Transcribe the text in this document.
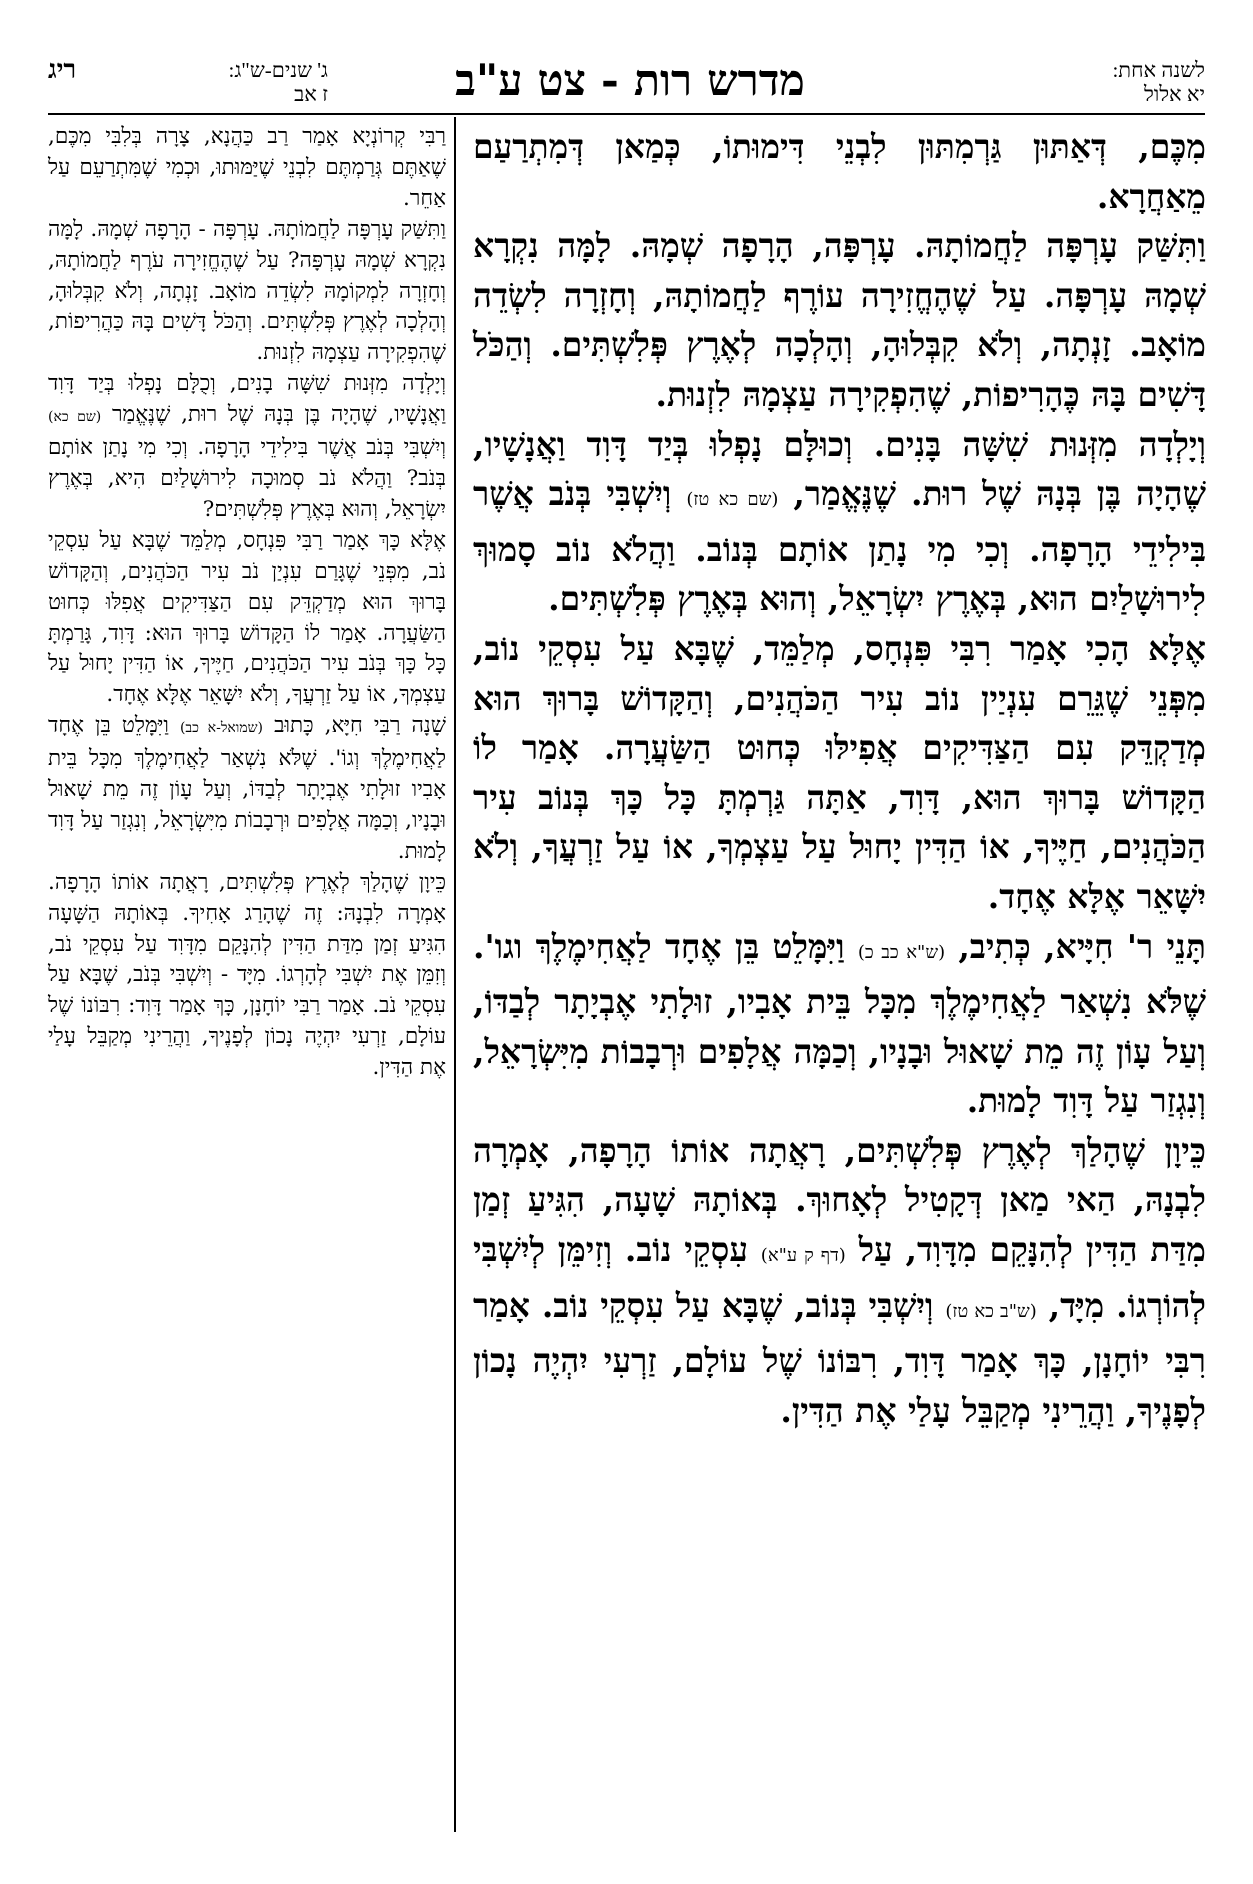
לשנה אחת:
יא אלול
מדרש רות - צט ע"ב
ג' שנים-ש"ג:
ריג
ז אב

מִכֶּם, דְּאַתּוּן גַּרְמִתּוּן לִבְנֵי דִּימוּתוֹ, כְּמַאן דְּמִתְרַעַם מֵאַחֲרָא.

וַתִּשַּׁק עָרְפָּה לַחֲמוֹתָהּ. עָרְפָּה, הָרָפָה שְׁמָהּ. לָמָּה נִקְרָא שְׁמָהּ עָרְפָּה. עַל שֶׁהֶחֱזִירָה עוֹרֶף לַחֲמוֹתָהּ, וְחָזְרָה לִשְׂדֵה מוֹאָב. זָנְתָה, וְלֹא קִבְּלוּהָ, וְהָלְכָה לְאֶרֶץ פְּלִשְׁתִּים. וְהַכֹּל דָּשִׁים בָּהּ כֶּהָרִיפוֹת, שֶׁהִפְקִירָה עַצְמָהּ לִזְנוּת.

וְיָלְדָה מִזְּנוּת שִׁשָּׁה בָּנִים. וְכוּלָּם נָפְלוּ בְּיַד דָּוִד וַאֲנָשָׁיו, שֶׁהָיָה בֶּן בְּנָהּ שֶׁל רוּת. שֶׁנֶּאֱמַר, (שם כא טז) וְיִשְׁבִּי בְּנֹב אֲשֶׁר בִּילִידֵי הָרָפָה. וְכִי מִי נָתַן אוֹתָם בְּנוֹב. וַהֲלֹא נוֹב סָמוּךְ לִירוּשָׁלַיִם הוּא, בְּאֶרֶץ יִשְׂרָאֵל, וְהוּא בְּאֶרֶץ פְּלִשְׁתִּים.

אֶלָּא הָכִי אָמַר רִבִּי פִּנְחָס, מְלַמֵּד, שֶׁבָּא עַל עִסְקֵי נוֹב, מִפְּנֵי שֶׁגֵּרֵם עִנְיַין נוֹב עִיר הַכֹּהֲנִים, וְהַקָּדוֹשׁ בָּרוּךְ הוּא מְדַקְדֵּק עִם הַצַּדִּיקִים אֲפִילּוּ כְּחוּט הַשַּׂעֲרָה. אָמַר לוֹ הַקָּדוֹשׁ בָּרוּךְ הוּא, דָּוִד, אַתָּה גַּרְמְתָּ כָּל כָּךְ בְּנוֹב עִיר הַכֹּהֲנִים, חַיֶּיךָ, אוֹ הַדִּין יָחוּל עַל עַצְמְךָ, אוֹ עַל זַרְעֲךָ, וְלֹא יִשָּׁאֵר אֶלָּא אֶחָד.

תָּנֵי ר' חִיָּיא, כְּתִיב, (ש"א כב כ) וַיִּמָּלֵט בֵּן אֶחָד לַאֲחִימֶלֶךְ וגו'. שֶׁלֹּא נִשְׁאַר לַאֲחִימֶלֶךְ מִכָּל בֵּית אָבִיו, זוּלָתִי אֶבְיָתָר לְבַדּוֹ, וְעַל עָוֹן זֶה מֵת שָׁאוּל וּבָנָיו, וְכַמָּה אֲלָפִים וּרְבָבוֹת מִיִּשְׂרָאֵל, וְנִגְזַר עַל דָּוִד לָמוּת.

כֵּיוָן שֶׁהָלַךְ לְאֶרֶץ פְּלִשְׁתִּים, רָאֲתָה אוֹתוֹ הָרָפָה, אָמְרָה לִבְנָהּ, הַאי מַאן דְּקָטִיל לְאָחוּךְ. בְּאוֹתָהּ שָׁעָה, הִגִּיעַ זְמַן מִדַּת הַדִּין לְהִנָּקֵם מִדָּוִד, עַל (דף ק ע"א) עִסְקֵי נוֹב. וְזִימֵּן לְיִשְׁבִּי לְהוֹרְגוֹ. מִיָּד, (ש"ב כא טז) וְיִשְׁבִּי בְּנוֹב, שֶׁבָּא עַל עִסְקֵי נוֹב. אָמַר רִבִּי יוֹחָנָן, כָּךְ אָמַר דָּוִד, רִבּוֹנוֹ שֶׁל עוֹלָם, זַרְעִי יִהְיֶה נָכוֹן לְפָנֶיךָ, וַהֲרֵינִי מְקַבֵּל עָלַי אֶת הַדִּין.

רַבִּי קְרוֹנְיָא אָמַר רַב כַּהֲנָא, צָרָה בְּלִבִּי מִכֶּם, שֶׁאַתֶּם גְּרַמְתֶּם לִבְנֵי שֶׁיַּמּוּתוּ, וּכְמִי שֶׁמִּתְרַעֵם עַל אַחֵר.

וַתִּשַּׁק עָרְפָּה לַחֲמוֹתָהּ. עָרְפָּה - הָרָפָה שְׁמָהּ. לָמָּה נִקְרָא שְׁמָהּ עָרְפָּה? עַל שֶׁהֶחֱזִירָה עֹרֶף לַחֲמוֹתָהּ, וְחָזְרָה לִמְקוֹמָהּ לִשְׂדֵה מוֹאָב. זָנְתָה, וְלֹא קִבְּלוּהָ, וְהָלְכָה לְאֶרֶץ פְּלִשְׁתִּים. וְהַכֹּל דָּשִׁים בָּהּ כַּהֲרִיפוֹת, שֶׁהִפְקִירָה עַצְמָהּ לִזְנוּת.

וְיָלְדָה מִזְּנוּת שִׁשָּׁה בָנִים, וְכֻלָּם נָפְלוּ בְּיַד דָּוִד וַאֲנָשָׁיו, שֶׁהָיָה בֶּן בְּנָהּ שֶׁל רוּת, שֶׁנֶּאֱמַר (שם כא) וְיִשְׁבִּי בְּנֹב אֲשֶׁר בִּילִידֵי הָרָפָה. וְכִי מִי נָתַן אוֹתָם בְּנֹב? וַהֲלֹא נֹב סְמוּכָה לִירוּשָׁלַיִם הִיא, בְּאֶרֶץ יִשְׂרָאֵל, וְהוּא בְּאֶרֶץ פְּלִשְׁתִּים?

אֶלָּא כָּךְ אָמַר רַבִּי פִּנְחָס, מְלַמֵּד שֶׁבָּא עַל עִסְקֵי נֹב, מִפְּנֵי שֶׁגָּרַם עִנְיַן נֹב עִיר הַכֹּהֲנִים, וְהַקָּדוֹשׁ בָּרוּךְ הוּא מְדַקְדֵּק עִם הַצַּדִּיקִים אֲפִלּוּ כְּחוּט הַשַּׂעֲרָה. אָמַר לוֹ הַקָּדוֹשׁ בָּרוּךְ הוּא: דָּוִד, גָּרַמְתָּ כָּל כָּךְ בְּנֹב עִיר הַכֹּהֲנִים, חַיֶּיךָ, אוֹ הַדִּין יָחוּל עַל עַצְמְךָ, אוֹ עַל זַרְעֲךָ, וְלֹא יִשָּׁאֵר אֶלָּא אֶחָד.

שָׁנָה רַבִּי חִיָּא, כָּתוּב (שמואל-א כב) וַיִּמָּלֵט בֵּן אֶחָד לַאֲחִימֶלֶךְ וְגוֹ'. שֶׁלֹּא נִשְׁאַר לַאֲחִימֶלֶךְ מִכָּל בֵּית אָבִיו זוּלָתִי אֶבְיָתָר לְבַדּוֹ, וְעַל עָוֹן זֶה מֵת שָׁאוּל וּבָנָיו, וְכַמָּה אֲלָפִים וּרְבָבוֹת מִיִּשְׂרָאֵל, וְנִגְזַר עַל דָּוִד לָמוּת.

כֵּיוָן שֶׁהָלַךְ לְאֶרֶץ פְּלִשְׁתִּים, רָאֲתָה אוֹתוֹ הָרָפָה. אָמְרָה לִבְנָהּ: זֶה שֶׁהָרַג אָחִיךָ. בְּאוֹתָהּ הַשָּׁעָה הִגִּיעַ זְמַן מִדַּת הַדִּין לְהִנָּקֵם מִדָּוִד עַל עִסְקֵי נֹב, וְזִמֵּן אֶת יִשְׁבִּי לְהָרְגוֹ. מִיָּד - וְיִשְׁבִּי בְּנֹב, שֶׁבָּא עַל עִסְקֵי נֹב. אָמַר רַבִּי יוֹחָנָן, כָּךְ אָמַר דָּוִד: רִבּוֹנוֹ שֶׁל עוֹלָם, זַרְעִי יִהְיֶה נָכוֹן לְפָנֶיךָ, וַהֲרֵינִי מְקַבֵּל עָלַי אֶת הַדִּין.
